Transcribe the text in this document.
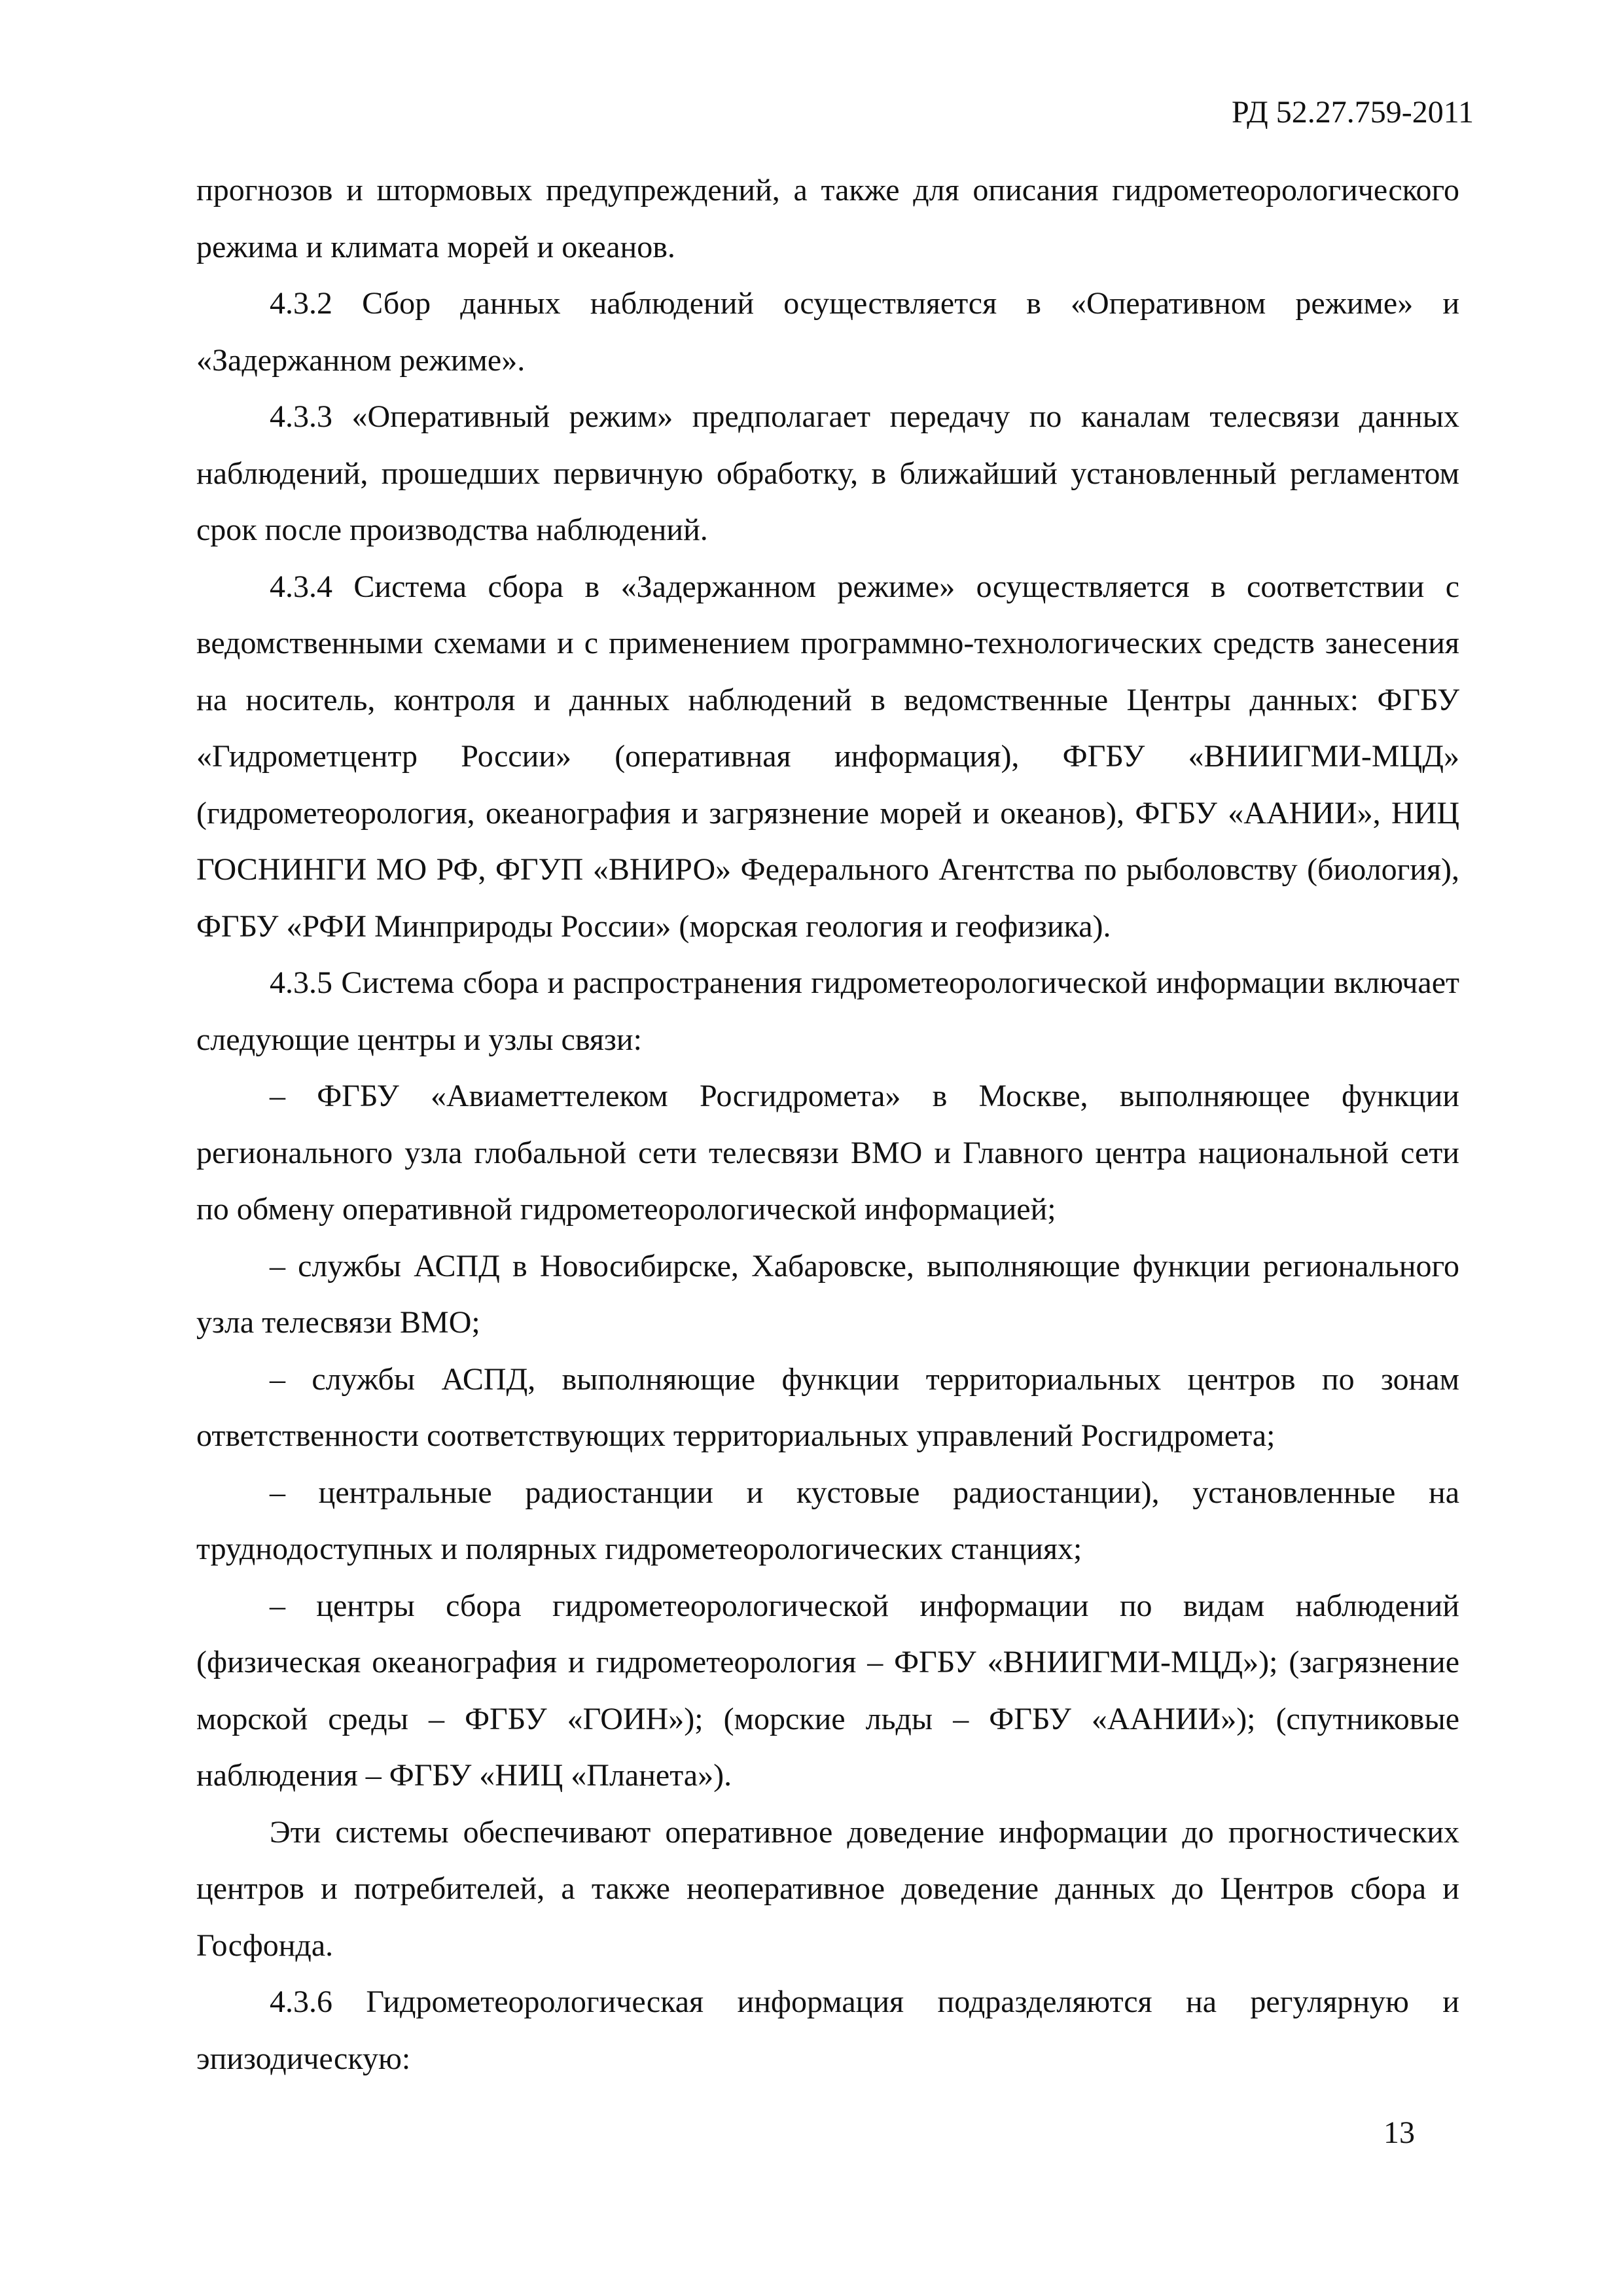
РД 52.27.759-2011

прогнозов и штормовых предупреждений, а также для описания гидрометеорологического режима и климата морей и океанов.

4.3.2 Сбор данных наблюдений осуществляется в «Оперативном режиме» и «Задержанном режиме».

4.3.3 «Оперативный режим» предполагает передачу по каналам телесвязи данных наблюдений, прошедших первичную обработку, в ближайший установленный регламентом срок после производства наблюдений.

4.3.4 Система сбора в «Задержанном режиме» осуществляется в соответствии с ведомственными схемами и с применением программно-технологических средств занесения на носитель, контроля и данных наблюдений в ведомственные Центры данных: ФГБУ «Гидрометцентр России» (оперативная информация), ФГБУ «ВНИИГМИ-МЦД» (гидрометеорология, океанография и загрязнение морей и океанов), ФГБУ «ААНИИ», НИЦ ГОСНИНГИ МО РФ, ФГУП «ВНИРО» Федерального Агентства по рыболовству (биология), ФГБУ «РФИ Минприроды России» (морская геология и геофизика).

4.3.5 Система сбора и распространения гидрометеорологической информации включает следующие центры и узлы связи:

– ФГБУ «Авиаметтелеком Росгидромета» в Москве, выполняющее функции регионального узла глобальной сети телесвязи ВМО и Главного центра национальной сети по обмену оперативной гидрометеорологической информацией;

– службы АСПД в Новосибирске, Хабаровске, выполняющие функции регионального узла телесвязи ВМО;

– службы АСПД, выполняющие функции территориальных центров по зонам ответственности соответствующих территориальных управлений Росгидромета;

– центральные радиостанции и кустовые радиостанции), установленные на труднодоступных и полярных гидрометеорологических станциях;

– центры сбора гидрометеорологической информации по видам наблюдений (физическая океанография и гидрометеорология – ФГБУ «ВНИИГМИ-МЦД»); (загрязнение морской среды – ФГБУ «ГОИН»); (морские льды – ФГБУ «ААНИИ»); (спутниковые наблюдения – ФГБУ «НИЦ «Планета»).

Эти системы обеспечивают оперативное доведение информации до прогностических центров и потребителей, а также неоперативное доведение данных до Центров сбора и Госфонда.

4.3.6 Гидрометеорологическая информация подразделяются на регулярную и эпизодическую:

13
